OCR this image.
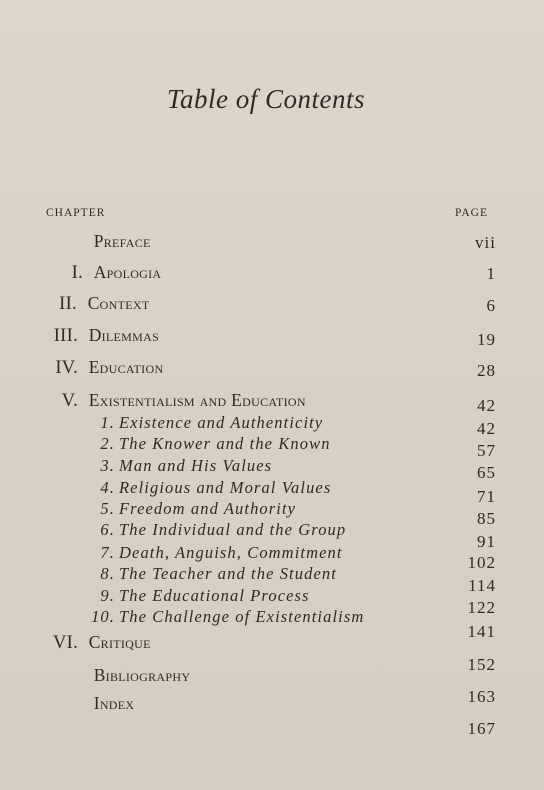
Table of Contents
CHAPTER	PAGE
Preface
I. Apologia
II. Context
III. Dilemmas
IV. Education
V. Existentialism and Education
1. Existence and Authenticity
2. The Knower and the Known
3. Man and His Values
4. Religious and Moral Values
5. Freedom and Authority
6. The Individual and the Group
7. Death, Anguish, Commitment
8. The Teacher and the Student
9. The Educational Process
10. The Challenge of Existentialism
VI. Critique
Bibliography
Index
vii
1
6
19
28
42
42
57
65
71
85
91
102
114
122
141
152
163
167
